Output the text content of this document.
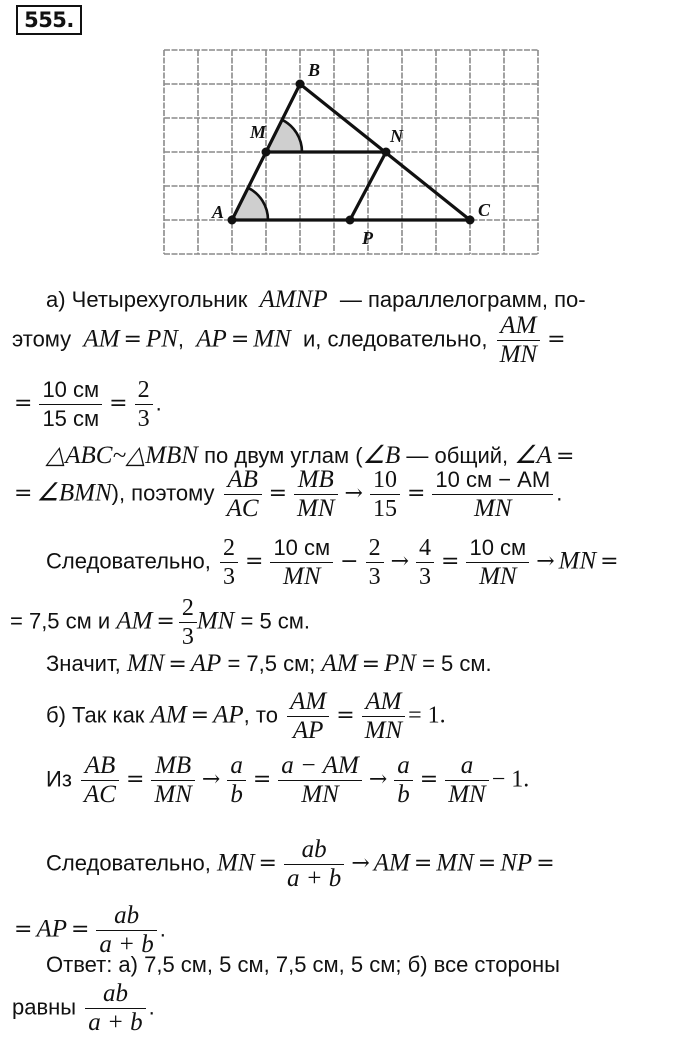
555.
A
B
C
M	N
P
а) Четырехугольник AMNP — параллелограмм, по-
этому AM = PN,  AP = MN и, следовательно, $\frac{AM}{MN}$ =
= $\frac{10 см}{15 см} = \frac{2}{3}$ .
△ABC~△MBN по двум углам (∠B — общий, ∠A =
= ∠BMN), поэтому $\frac{AB}{AC} = \frac{MB}{MN} \to \frac{10}{15} = \frac{10 см - AM}{MN}$ .
Следовательно, $\frac{2}{3} = \frac{10 см}{MN} - \frac{2}{3} \to \frac{4}{3} = \frac{10 см}{MN}$ → MN =
= 7,5 см и AM = $\frac{2}{3}$ MN = 5 см.
Значит, MN = AP = 7,5 см; AM = PN = 5 см.
б) Так как AM = AP, то $\frac{AM}{AP} = \frac{AM}{MN} = 1$.
Из $\frac{AB}{AC} = \frac{MB}{MN} \to \frac{a}{b} = \frac{a - AM}{MN} \to \frac{a}{b} = \frac{a}{MN} - 1$.
Следовательно, MN = $\frac{ab}{a + b}$ → AM = MN = NP =
= AP = $\frac{ab}{a + b}$ .
Ответ: а) 7,5 см, 5 см, 7,5 см, 5 см; б) все стороны
равны $\frac{ab}{a + b}$ .
